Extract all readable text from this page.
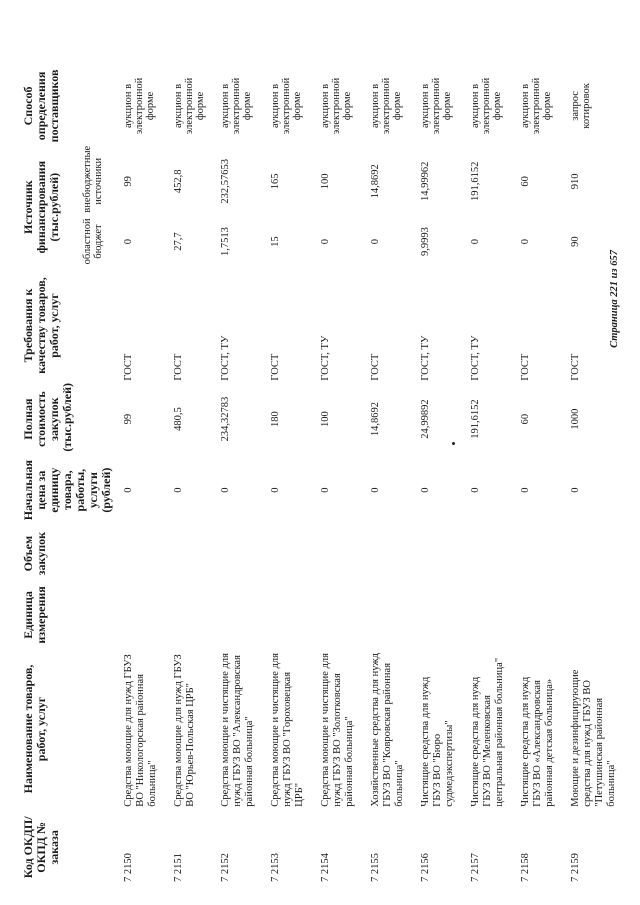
Код ОКДП/ ОКПД № заказа	Наименование товаров, работ, услуг	Единица измерения	Объем закупок	Начальная цена за единицу товара, работы, услуги (рублей)	Полная стоимость закупок (тыс.рублей)	Требования к качеству товаров, работ, услуг	Источник финансирования (тыс.рублей)		Способ определения поставщиков
							областной бюджет	внебюджетные источники	
7 2150	Средства моющие для нужд ГБУЗ ВО "Никологорская районная больница"			0	99	ГОСТ	0	99	аукцион в электронной форме
7 2151	Средства моющие для нужд ГБУЗ ВО "Юрьев-Польская ЦРБ"			0	480,5	ГОСТ	27,7	452,8	аукцион в электронной форме
7 2152	Средства моющие и чистящие для нужд ГБУЗ ВО "Александровская районная больница"			0	234,32783	ГОСТ, ТУ	1,7513	232,57653	аукцион в электронной форме
7 2153	Средства моющие и чистящие для нужд ГБУЗ ВО "Гороховецкая ЦРБ"			0	180	ГОСТ	15	165	аукцион в электронной форме
7 2154	Средства моющие и чистящие для нужд ГБУЗ ВО "Золотковская районная больница"			0	100	ГОСТ, ТУ	0	100	аукцион в электронной форме
7 2155	Хозяйственные средства для нужд ГБУЗ ВО "Ковровская районная больница"			0	14,8692	ГОСТ	0	14,8692	аукцион в электронной форме
7 2156	Чистящие средства для нужд ГБУЗ ВО "Бюро судмедэкспертизы"			0	24,99892	ГОСТ, ТУ	9,9993	14,99962	аукцион в электронной форме
7 2157	Чистящие средства для нужд ГБУЗ ВО "Меленковская центральная районная больница"			0	191,6152	ГОСТ, ТУ	0	191,6152	аукцион в электронной форме
7 2158	Чистящие средства для нужд ГБУЗ ВО «Александровская районная детская больница»			0	60	ГОСТ	0	60	аукцион в электронной форме
7 2159	Моющие и дезинфицирующие средства для нужд ГБУЗ ВО "Петушинская районная больница"			0	1000	ГОСТ	90	910	запрос котировок
Страница 221 из 657
